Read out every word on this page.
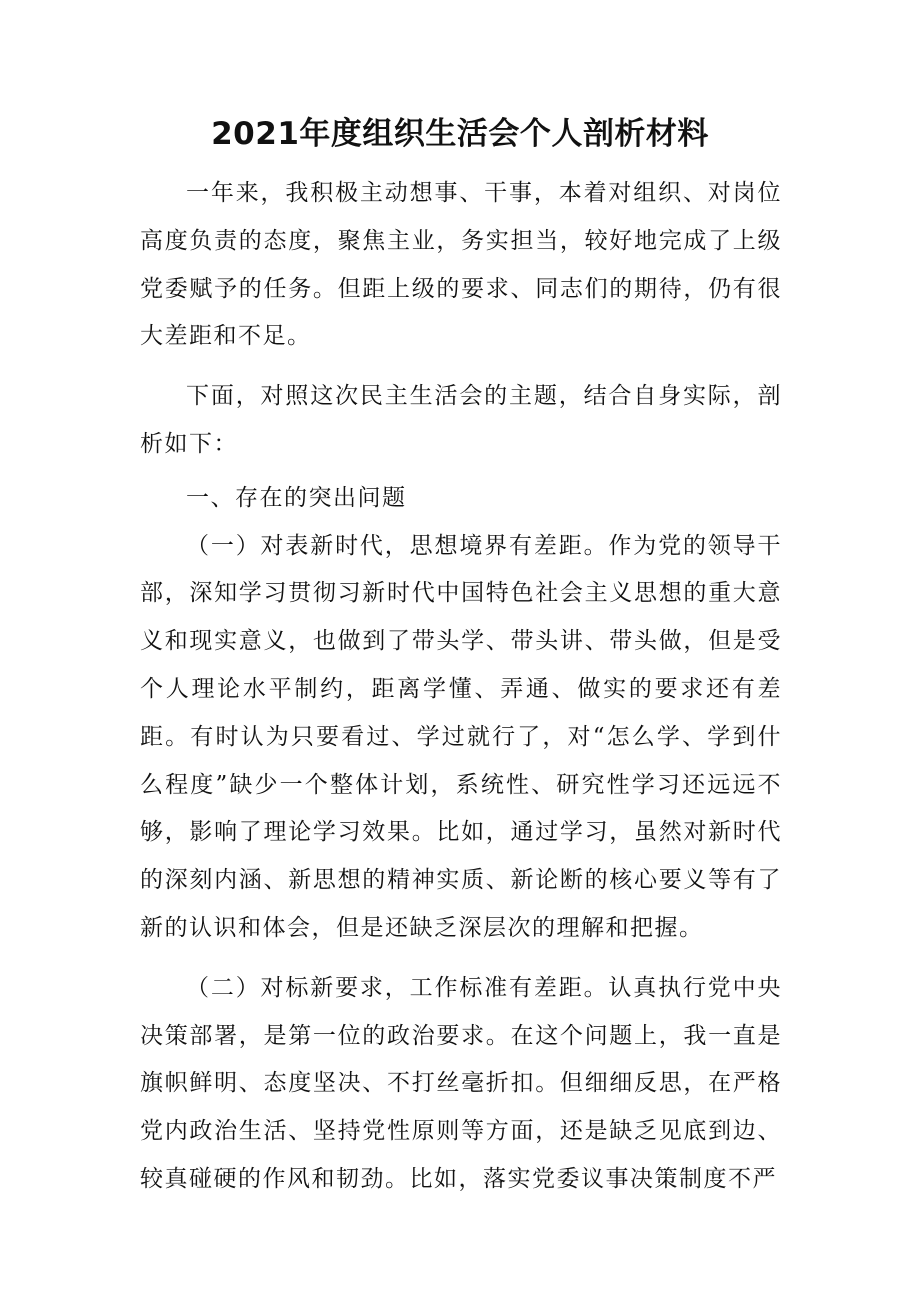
2021年度组织生活会个人剖析材料

一年来，我积极主动想事、干事，本着对组织、对岗位高度负责的态度，聚焦主业，务实担当，较好地完成了上级党委赋予的任务。但距上级的要求、同志们的期待，仍有很大差距和不足。

下面，对照这次民主生活会的主题，结合自身实际，剖析如下：

一、存在的突出问题

（一）对表新时代，思想境界有差距。作为党的领导干部，深知学习贯彻习新时代中国特色社会主义思想的重大意义和现实意义，也做到了带头学、带头讲、带头做，但是受个人理论水平制约，距离学懂、弄通、做实的要求还有差距。有时认为只要看过、学过就行了，对“怎么学、学到什么程度”缺少一个整体计划，系统性、研究性学习还远远不够，影响了理论学习效果。比如，通过学习，虽然对新时代的深刻内涵、新思想的精神实质、新论断的核心要义等有了新的认识和体会，但是还缺乏深层次的理解和把握。

（二）对标新要求，工作标准有差距。认真执行党中央决策部署，是第一位的政治要求。在这个问题上，我一直是旗帜鲜明、态度坚决、不打丝毫折扣。但细细反思，在严格党内政治生活、坚持党性原则等方面，还是缺乏见底到边、较真碰硬的作风和韧劲。比如，落实党委议事决策制度不严
